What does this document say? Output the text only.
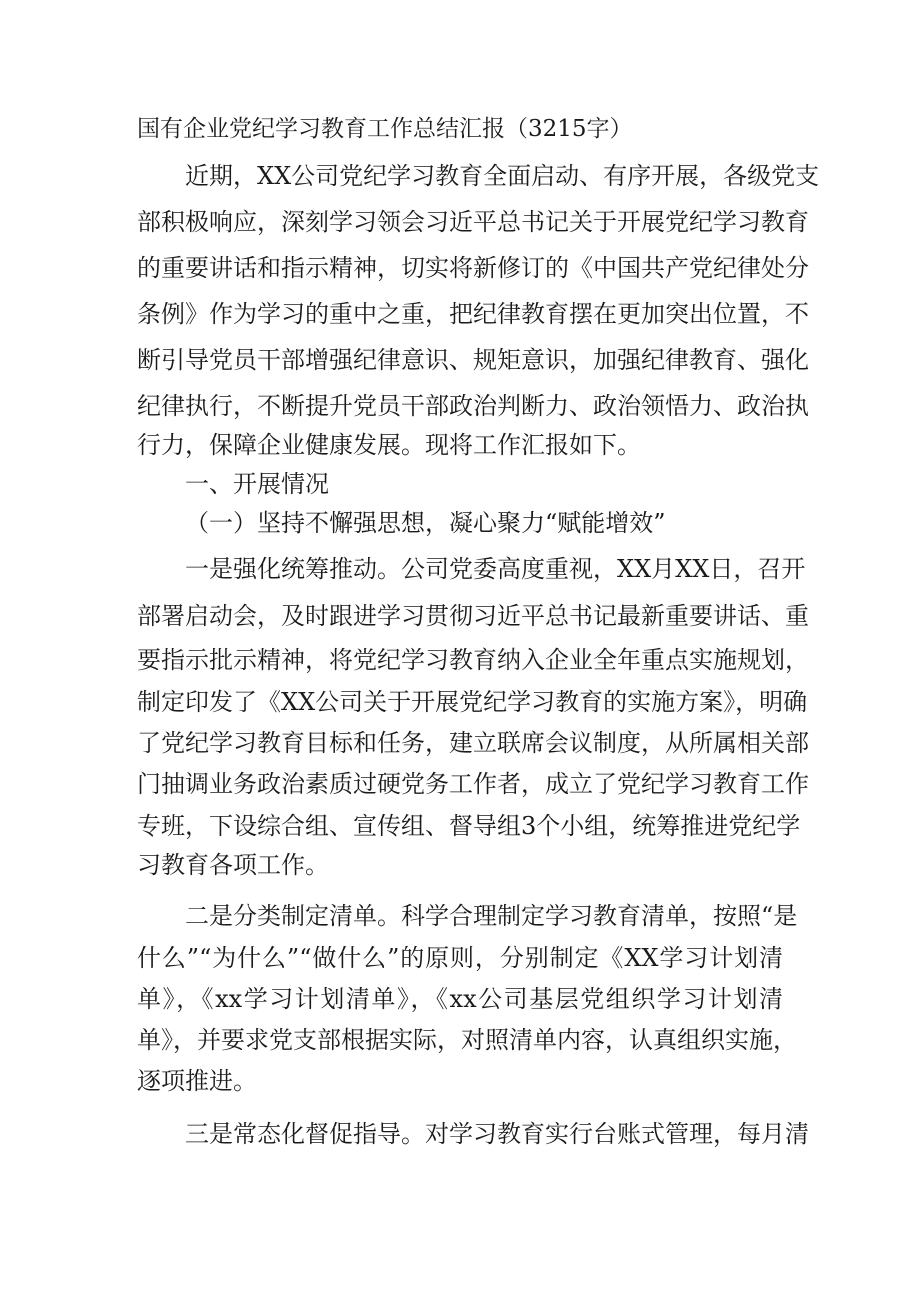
国有企业党纪学习教育工作总结汇报（3215字）
近期，XX公司党纪学习教育全面启动、有序开展，各级党支
部积极响应，深刻学习领会习近平总书记关于开展党纪学习教育
的重要讲话和指示精神，切实将新修订的《中国共产党纪律处分
条例》作为学习的重中之重，把纪律教育摆在更加突出位置，不
断引导党员干部增强纪律意识、规矩意识，加强纪律教育、强化
纪律执行，不断提升党员干部政治判断力、政治领悟力、政治执
行力，保障企业健康发展。现将工作汇报如下。
一、开展情况
（一）坚持不懈强思想，凝心聚力“赋能增效”
一是强化统筹推动。公司党委高度重视，XX月XX日，召开
部署启动会，及时跟进学习贯彻习近平总书记最新重要讲话、重
要指示批示精神，将党纪学习教育纳入企业全年重点实施规划，
制定印发了《XX公司关于开展党纪学习教育的实施方案》，明确
了党纪学习教育目标和任务，建立联席会议制度，从所属相关部
门抽调业务政治素质过硬党务工作者，成立了党纪学习教育工作
专班，下设综合组、宣传组、督导组3个小组，统筹推进党纪学
习教育各项工作。
二是分类制定清单。科学合理制定学习教育清单，按照“是
什么”“为什么”“做什么”的原则，分别制定《XX学习计划清
单》，《xx学习计划清单》，《xx公司基层党组织学习计划清
单》，并要求党支部根据实际，对照清单内容，认真组织实施，
逐项推进。
三是常态化督促指导。对学习教育实行台账式管理，每月清
